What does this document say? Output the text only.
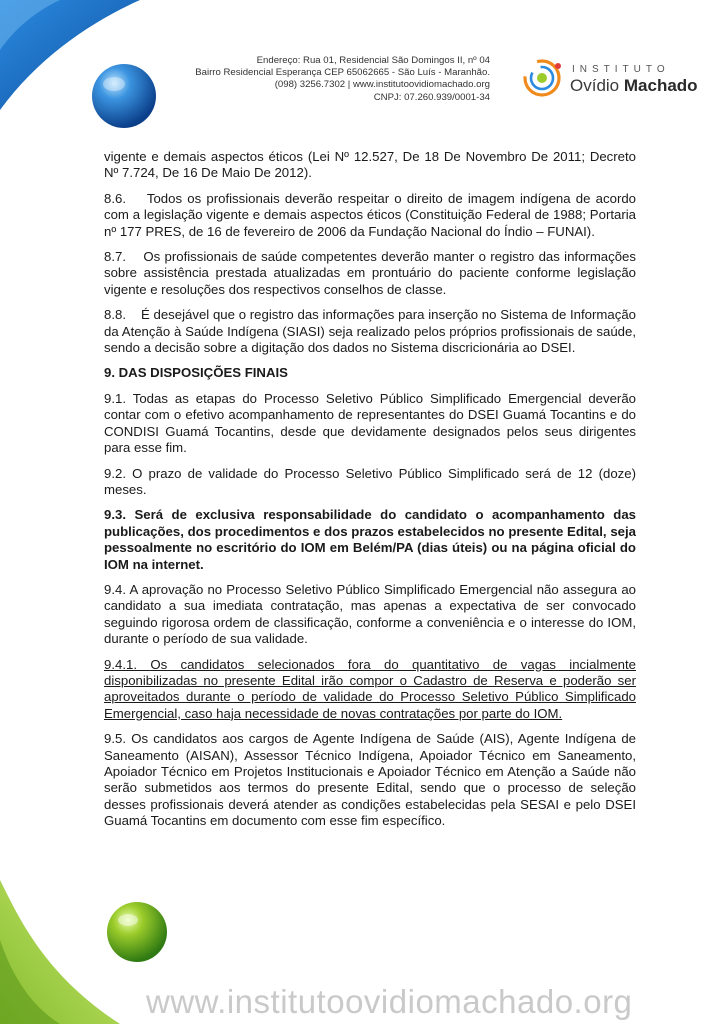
Endereço: Rua 01, Residencial São Domingos II, nº 04
Bairro Residencial Esperança CEP 65062665 - São Luís - Maranhão.
(098) 3256.7302 | www.institutoovidiomachado.org
CNPJ: 07.260.939/0001-34
INSTITUTO
Ovídio Machado

vigente e demais aspectos éticos (Lei Nº 12.527, De 18 De Novembro De 2011; Decreto Nº 7.724, De 16 De Maio De 2012).

8.6.    Todos os profissionais deverão respeitar o direito de imagem indígena de acordo com a legislação vigente e demais aspectos éticos (Constituição Federal de 1988; Portaria nº 177 PRES, de 16 de fevereiro de 2006 da Fundação Nacional do Índio – FUNAI).

8.7.    Os profissionais de saúde competentes deverão manter o registro das informações sobre assistência prestada atualizadas em prontuário do paciente conforme legislação vigente e resoluções dos respectivos conselhos de classe.

8.8.    É desejável que o registro das informações para inserção no Sistema de Informação da Atenção à Saúde Indígena (SIASI) seja realizado pelos próprios profissionais de saúde, sendo a decisão sobre a digitação dos dados no Sistema discricionária ao DSEI.

9. DAS DISPOSIÇÕES FINAIS

9.1. Todas as etapas do Processo Seletivo Público Simplificado Emergencial deverão contar com o efetivo acompanhamento de representantes do DSEI Guamá Tocantins e do CONDISI Guamá Tocantins, desde que devidamente designados pelos seus dirigentes para esse fim.

9.2. O prazo de validade do Processo Seletivo Público Simplificado será de 12 (doze) meses.

9.3. Será de exclusiva responsabilidade do candidato o acompanhamento das publicações, dos procedimentos e dos prazos estabelecidos no presente Edital, seja pessoalmente no escritório do IOM em Belém/PA (dias úteis) ou na página oficial do IOM na internet.

9.4. A aprovação no Processo Seletivo Público Simplificado Emergencial não assegura ao candidato a sua imediata contratação, mas apenas a expectativa de ser convocado seguindo rigorosa ordem de classificação, conforme a conveniência e o interesse do IOM, durante o período de sua validade.

9.4.1. Os candidatos selecionados fora do quantitativo de vagas incialmente disponibilizadas no presente Edital irão compor o Cadastro de Reserva e poderão ser aproveitados durante o período de validade do Processo Seletivo Público Simplificado Emergencial, caso haja necessidade de novas contratações por parte do IOM.

9.5. Os candidatos aos cargos de Agente Indígena de Saúde (AIS), Agente Indígena de Saneamento (AISAN), Assessor Técnico Indígena, Apoiador Técnico em Saneamento, Apoiador Técnico em Projetos Institucionais e Apoiador Técnico em Atenção a Saúde não serão submetidos aos termos do presente Edital, sendo que o processo de seleção desses profissionais deverá atender as condições estabelecidas pela SESAI e pelo DSEI Guamá Tocantins em documento com esse fim específico.

www.institutoovidiomachado.org
